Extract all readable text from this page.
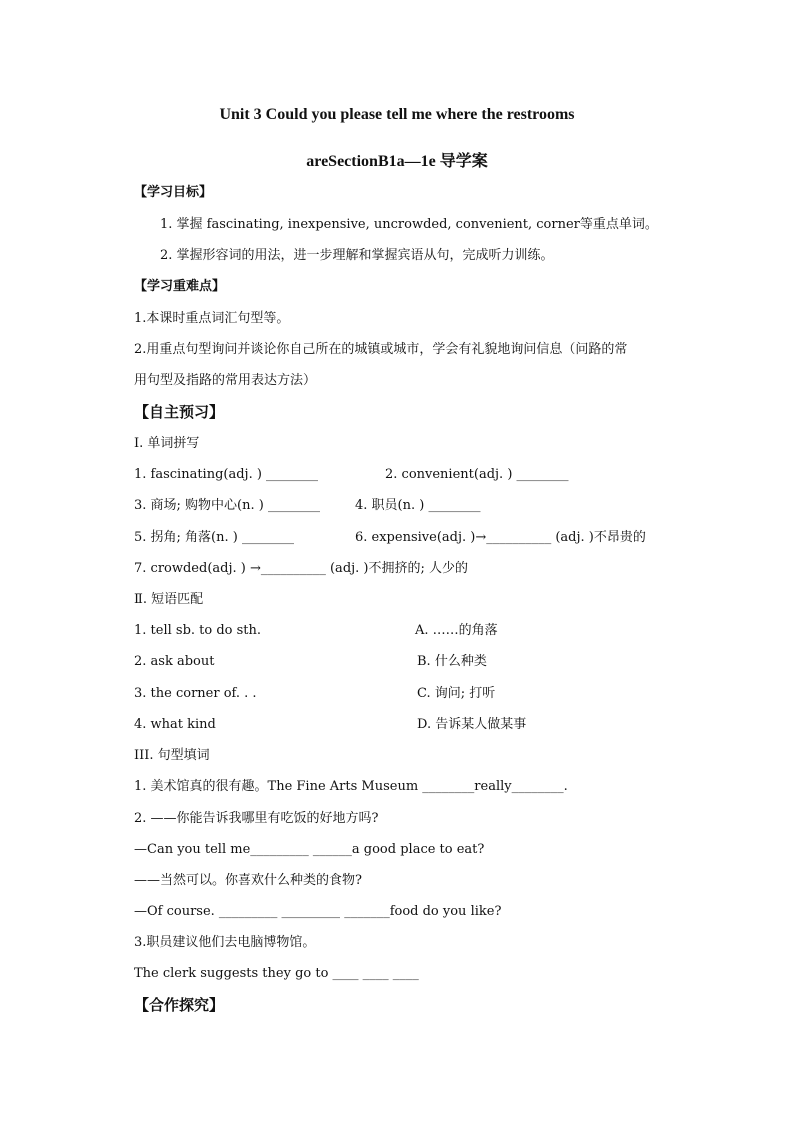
Unit 3 Could you please tell me where the restrooms
areSectionB1a—1e 导学案
【学习目标】
1. 掌握 fascinating, inexpensive, uncrowded, convenient, corner等重点单词。
2. 掌握形容词的用法，进一步理解和掌握宾语从句，完成听力训练。
【学习重难点】
1.本课时重点词汇句型等。
2.用重点句型询问并谈论你自己所在的城镇或城市，学会有礼貌地询问信息（问路的常
用句型及指路的常用表达方法）
【自主预习】
Ⅰ. 单词拼写
1. fascinating(adj. ) ________	2. convenient(adj. ) ________
3. 商场; 购物中心(n. ) ________	4. 职员(n. ) ________
5. 拐角; 角落(n. ) ________	6. expensive(adj. )→__________ (adj. )不昂贵的
7. crowded(adj. ) →__________ (adj. )不拥挤的; 人少的
Ⅱ. 短语匹配
1. tell sb. to do sth.	A. ……的角落
2. ask about	B. 什么种类
3. the corner of. . .	C. 询问; 打听
4. what kind	D. 告诉某人做某事
III. 句型填词
1. 美术馆真的很有趣。The Fine Arts Museum ________really________.
2. ——你能告诉我哪里有吃饭的好地方吗?
—Can you tell me_________ ______a good place to eat?
——当然可以。你喜欢什么种类的食物?
—Of course. _________ _________ _______food do you like?
3.职员建议他们去电脑博物馆。
The clerk suggests they go to ____ ____ ____
【合作探究】
